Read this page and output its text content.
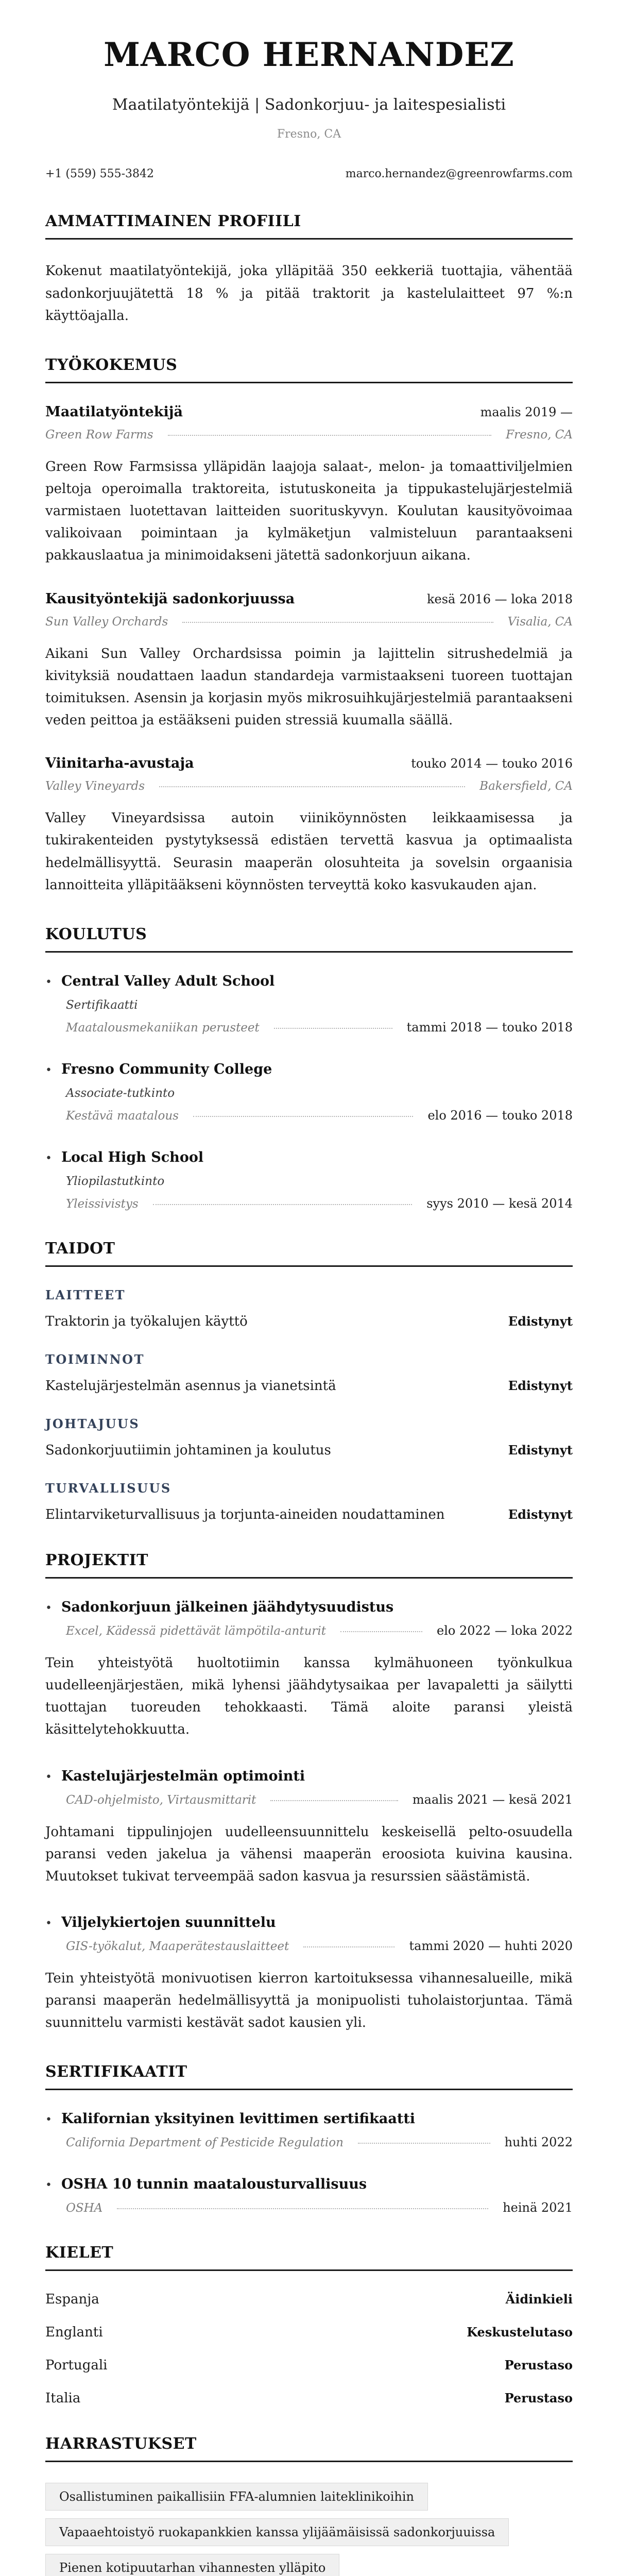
MARCO HERNANDEZ
Maatilatyöntekijä | Sadonkorjuu- ja laitespesialisti
Fresno, CA
+1 (559) 555-3842	marco.hernandez@greenrowfarms.com
AMMATTIMAINEN PROFIILI

Kokenut maatilatyöntekijä, joka ylläpitää 350 eekkeriä tuottajia, vähentää sadonkorjuujätettä 18 % ja pitää traktorit ja kastelulaitteet 97 %:n käyttöajalla.

TYÖKOKEMUS
Maatilatyöntekijä	maalis 2019 —
Green Row Farms	Fresno, CA

Green Row Farmsissa ylläpidän laajoja salaat-, melon- ja tomaattiviljelmien peltoja operoimalla traktoreita, istutuskoneita ja tippukastelujärjestelmiä varmistaen luotettavan laitteiden suorituskyvyn. Koulutan kausityövoimaa valikoivaan poimintaan ja kylmäketjun valmisteluun parantaakseni pakkauslaatua ja minimoidakseni jätettä sadonkorjuun aikana.

Kausityöntekijä sadonkorjuussa	kesä 2016 — loka 2018
Sun Valley Orchards	Visalia, CA

Aikani Sun Valley Orchardsissa poimin ja lajittelin sitrushedelmiä ja kivityksiä noudattaen laadun standardeja varmistaakseni tuoreen tuottajan toimituksen. Asensin ja korjasin myös mikrosuihkujärjestelmiä parantaakseni veden peittoa ja estääkseni puiden stressiä kuumalla säällä.

Viinitarha-avustaja	touko 2014 — touko 2016
Valley Vineyards	Bakersfield, CA

Valley Vineyardsissa autoin viiniköynnösten leikkaamisessa ja tukirakenteiden pystytyksessä edistäen tervettä kasvua ja optimaalista hedelmällisyyttä. Seurasin maaperän olosuhteita ja sovelsin orgaanisia lannoitteita ylläpitääkseni köynnösten terveyttä koko kasvukauden ajan.

KOULUTUS
• Central Valley Adult School
Sertifikaatti
Maatalousmekaniikan perusteet	tammi 2018 — touko 2018
• Fresno Community College
Associate-tutkinto
Kestävä maatalous	elo 2016 — touko 2018
• Local High School
Yliopilastutkinto
Yleissivistys	syys 2010 — kesä 2014
TAIDOT
LAITTEET
Traktorin ja työkalujen käyttö	Edistynyt
TOIMINNOT
Kastelujärjestelmän asennus ja vianetsintä	Edistynyt
JOHTAJUUS
Sadonkorjuutiimin johtaminen ja koulutus	Edistynyt
TURVALLISUUS
Elintarviketurvallisuus ja torjunta-aineiden noudattaminen	Edistynyt
PROJEKTIT
• Sadonkorjuun jälkeinen jäähdytysuudistus
Excel, Kädessä pidettävät lämpötila-anturit	elo 2022 — loka 2022

Tein yhteistyötä huoltotiimin kanssa kylmähuoneen työnkulkua uudelleenjärjestäen, mikä lyhensi jäähdytysaikaa per lavapaletti ja säilytti tuottajan tuoreuden tehokkaasti. Tämä aloite paransi yleistä käsittelytehokkuutta.

• Kastelujärjestelmän optimointi
CAD-ohjelmisto, Virtausmittarit	maalis 2021 — kesä 2021

Johtamani tippulinjojen uudelleensuunnittelu keskeisellä pelto-osuudella paransi veden jakelua ja vähensi maaperän eroosiota kuivina kausina. Muutokset tukivat terveempää sadon kasvua ja resurssien säästämistä.

• Viljelykiertojen suunnittelu
GIS-työkalut, Maaperätestauslaitteet	tammi 2020 — huhti 2020

Tein yhteistyötä monivuotisen kierron kartoituksessa vihannesalueille, mikä paransi maaperän hedelmällisyyttä ja monipuolisti tuholaistorjuntaa. Tämä suunnittelu varmisti kestävät sadot kausien yli.

SERTIFIKAATIT
• Kalifornian yksityinen levittimen sertifikaatti
California Department of Pesticide Regulation	huhti 2022
• OSHA 10 tunnin maatalousturvallisuus
OSHA	heinä 2021
KIELET
Espanja	Äidinkieli
Englanti	Keskustelutaso
Portugali	Perustaso
Italia	Perustaso
HARRASTUKSET
Osallistuminen paikallisiin FFA-alumnien laiteklinikoihin
Vapaaehtoistyö ruokapankkien kanssa ylijäämäisissä sadonkorjuuissa
Pienen kotipuutarhan vihannesten ylläpito
